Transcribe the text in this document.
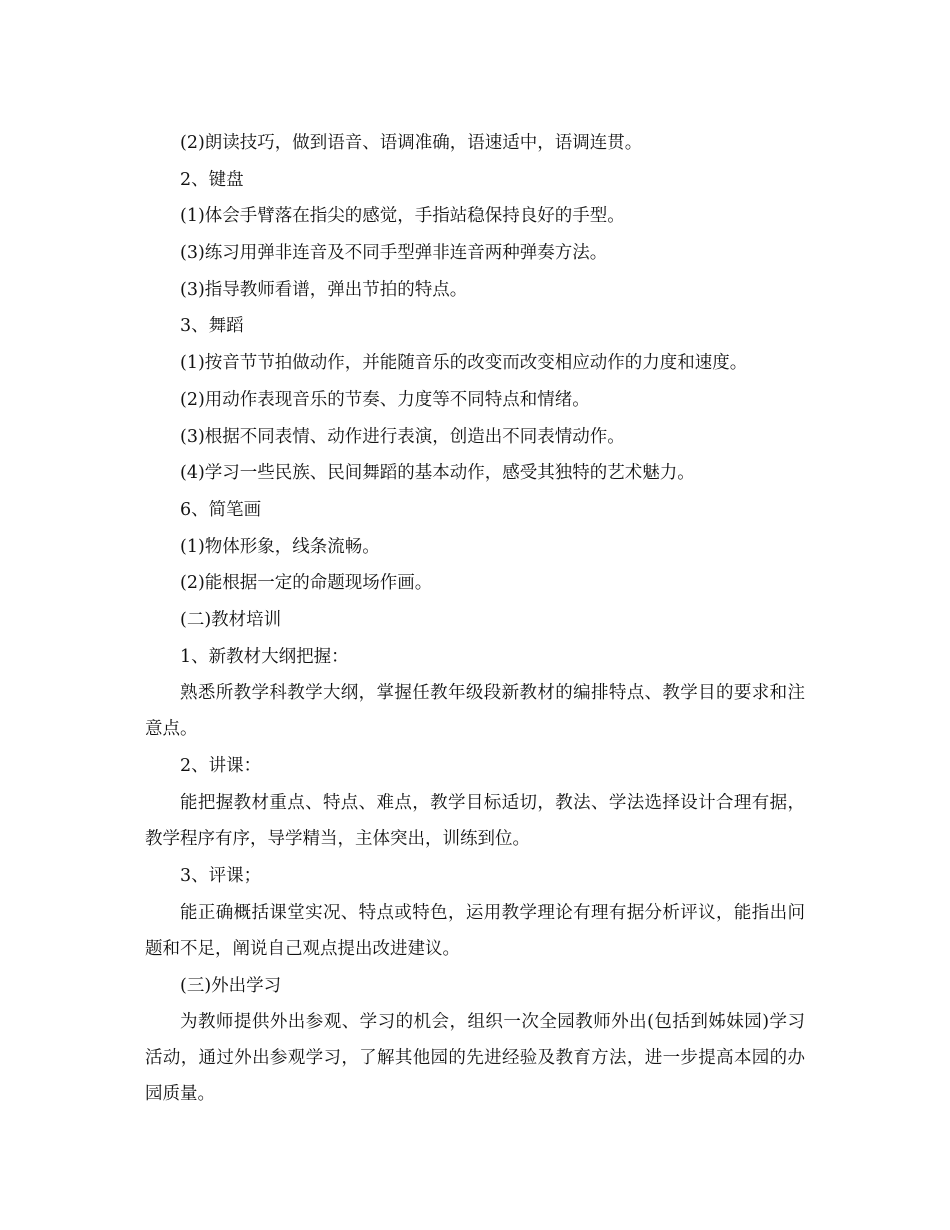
(2)朗读技巧，做到语音、语调准确，语速适中，语调连贯。
2、键盘
(1)体会手臂落在指尖的感觉，手指站稳保持良好的手型。
(3)练习用弹非连音及不同手型弹非连音两种弹奏方法。
(3)指导教师看谱，弹出节拍的特点。
3、舞蹈
(1)按音节节拍做动作，并能随音乐的改变而改变相应动作的力度和速度。
(2)用动作表现音乐的节奏、力度等不同特点和情绪。
(3)根据不同表情、动作进行表演，创造出不同表情动作。
(4)学习一些民族、民间舞蹈的基本动作，感受其独特的艺术魅力。
6、简笔画
(1)物体形象，线条流畅。
(2)能根据一定的命题现场作画。
(二)教材培训
1、新教材大纲把握：
熟悉所教学科教学大纲，掌握任教年级段新教材的编排特点、教学目的要求和注意点。
2、讲课：
能把握教材重点、特点、难点，教学目标适切，教法、学法选择设计合理有据，教学程序有序，导学精当，主体突出，训练到位。
3、评课；
能正确概括课堂实况、特点或特色，运用教学理论有理有据分析评议，能指出问题和不足，阐说自己观点提出改进建议。
(三)外出学习
为教师提供外出参观、学习的机会，组织一次全园教师外出(包括到姊妹园)学习活动，通过外出参观学习，了解其他园的先进经验及教育方法，进一步提高本园的办园质量。
